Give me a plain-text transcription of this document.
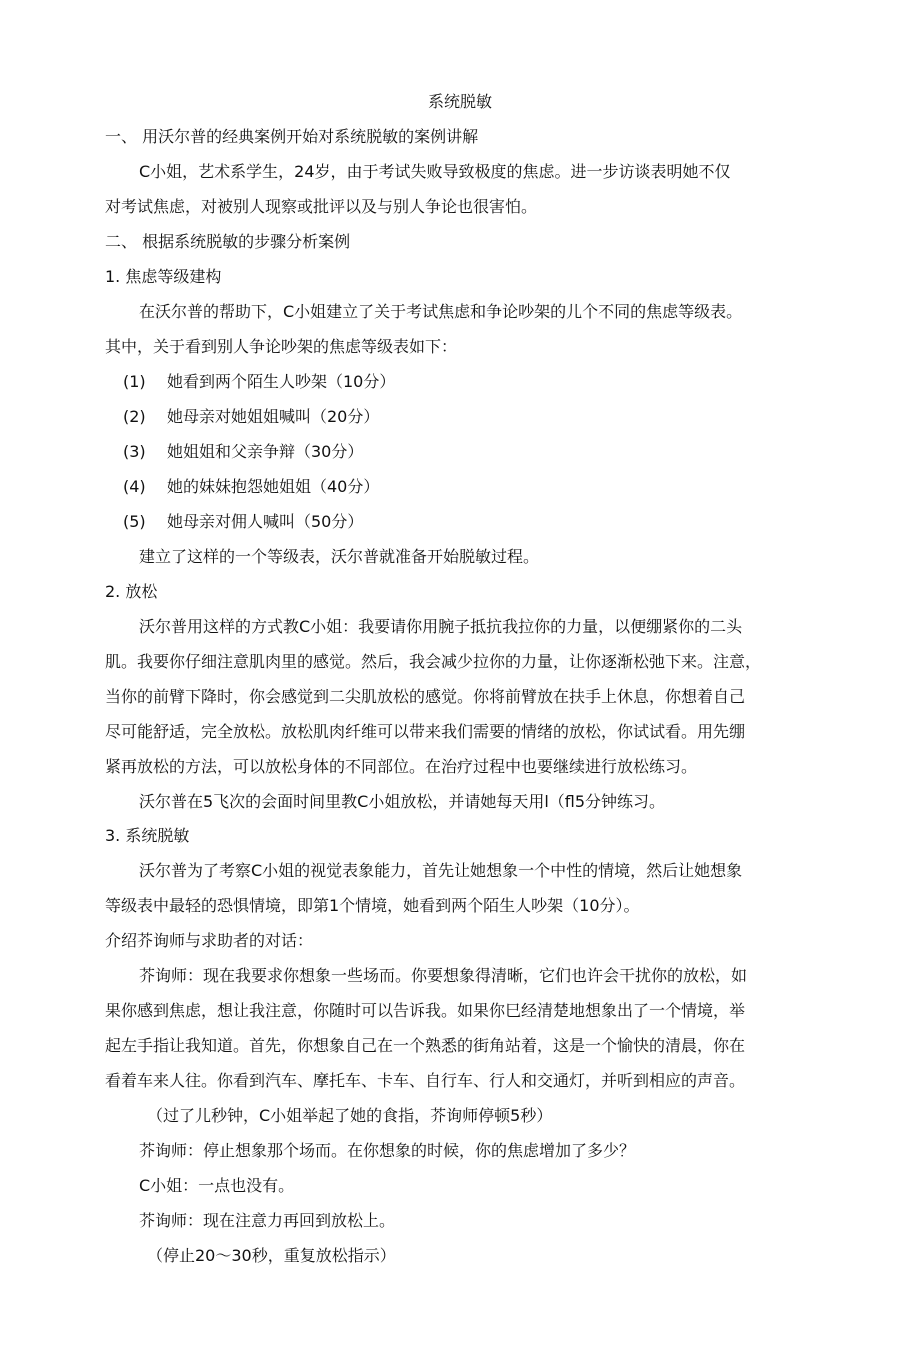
系统脱敏
一、 用沃尔普的经典案例开始对系统脱敏的案例讲解
C小姐，艺术系学生，24岁，由于考试失败导致极度的焦虑。进一步访谈表明她不仅
对考试焦虑，对被别人现察或批评以及与别人争论也很害怕。
二、 根据系统脱敏的步骤分析案例
1. 焦虑等级建构
在沃尔普的帮助下，C小姐建立了关于考试焦虑和争论吵架的儿个不同的焦虑等级表。
其中，关于看到别人争论吵架的焦虑等级表如下：
(1) 她看到两个陌生人吵架（10分）
(2) 她母亲对她姐姐喊叫（20分）
(3) 她姐姐和父亲争辩（30分）
(4) 她的妹妹抱怨她姐姐（40分）
(5) 她母亲对佣人喊叫（50分）
建立了这样的一个等级表，沃尔普就准备开始脱敏过程。
2. 放松
沃尔普用这样的方式教C小姐：我要请你用腕子抵抗我拉你的力量，以便绷紧你的二头
肌。我要你仔细注意肌肉里的感觉。然后，我会减少拉你的力量，让你逐渐松弛下来。注意，
当你的前臂下降时，你会感觉到二尖肌放松的感觉。你将前臂放在扶手上休息，你想着自己
尽可能舒适，完全放松。放松肌肉纤维可以带来我们需要的情绪的放松，你试试看。用先绷
紧再放松的方法，可以放松身体的不同部位。在治疗过程中也要继续进行放松练习。
沃尔普在5飞次的会面时间里教C小姐放松，并请她每天用l（fl5分钟练习。
3. 系统脱敏
沃尔普为了考察C小姐的视觉表象能力，首先让她想象一个中性的情境，然后让她想象
等级表中最轻的恐惧情境，即第1个情境，她看到两个陌生人吵架（10分）。
介绍芥询师与求助者的对话：
芥询师：现在我要求你想象一些场而。你要想象得清晰，它们也许会干扰你的放松，如
果你感到焦虑，想让我注意，你随时可以告诉我。如果你巳经清楚地想象出了一个情境，举
起左手指让我知道。首先，你想象自己在一个熟悉的街角站着，这是一个愉快的清晨，你在
看着车来人往。你看到汽车、摩托车、卡车、自行车、行人和交通灯，并听到相应的声音。
（过了儿秒钟，C小姐举起了她的食指，芥询师停顿5秒）
芥询师：停止想象那个场而。在你想象的时候，你的焦虑增加了多少？
C小姐：一点也没有。
芥询师：现在注意力再回到放松上。
（停止20～30秒，重复放松指示）
